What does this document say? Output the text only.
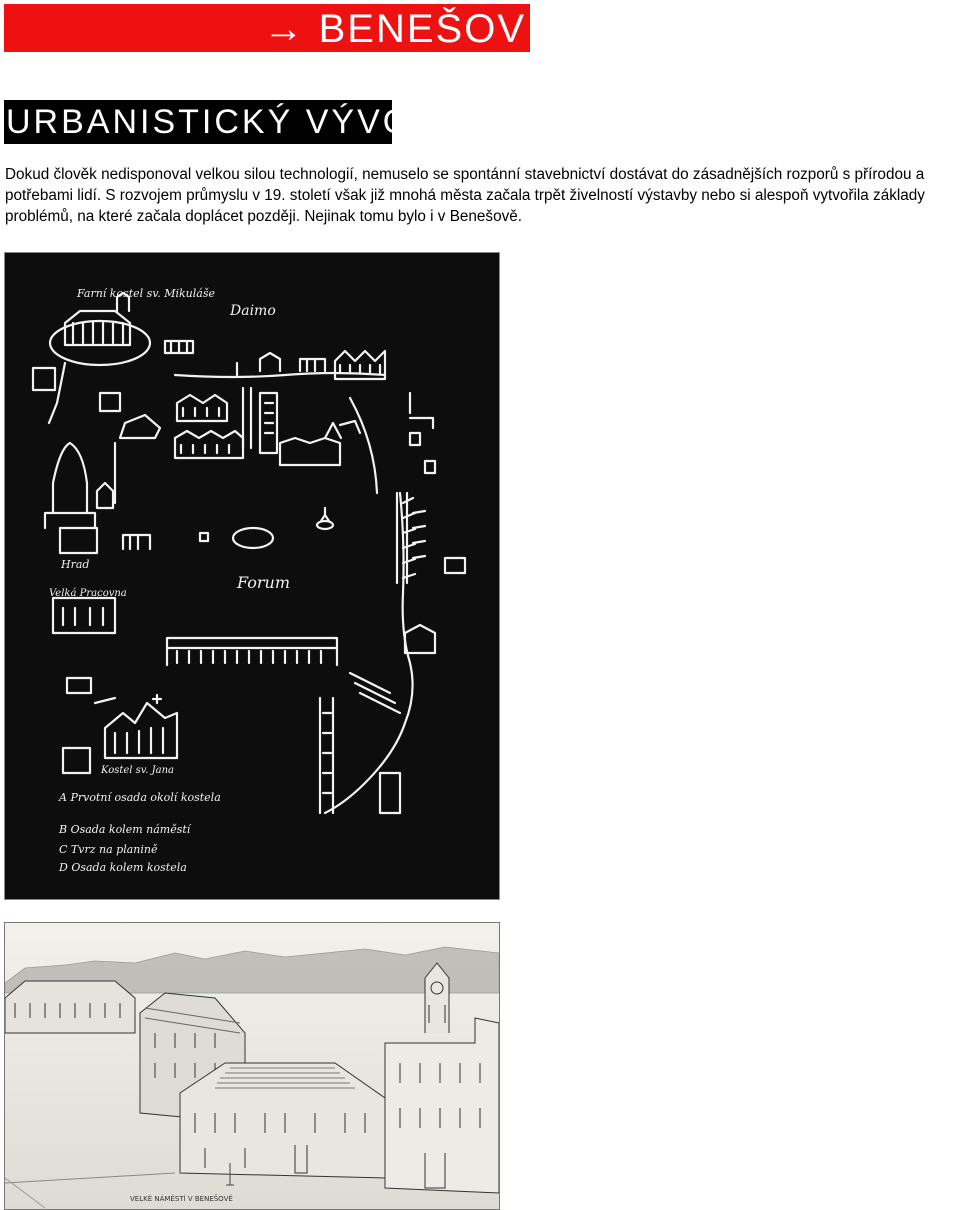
→ BENEŠOV
URBANISTICKÝ VÝVOJ
Dokud člověk nedisponoval velkou silou technologií, nemuselo se spontánní stavebnictví dostávat do zásadnějších rozporů s přírodou a potřebami lidí. S rozvojem průmyslu v 19. století však již mnohá města začala trpět živelností výstavby nebo si alespoň vytvořila základy problémů, na které začala doplácet později. Nejinak tomu bylo i v Benešově.
Farní kostel sv. Mikuláše
Daimo
Forum
Hrad
Velká Pracovna
Kostel sv. Jana
A Prvotní osada okolí kostela
B Osada kolem náměstí
C Tvrz na planině
D Osada kolem kostela
VELKÉ NÁMĚSTÍ V BENEŠOVĚ
